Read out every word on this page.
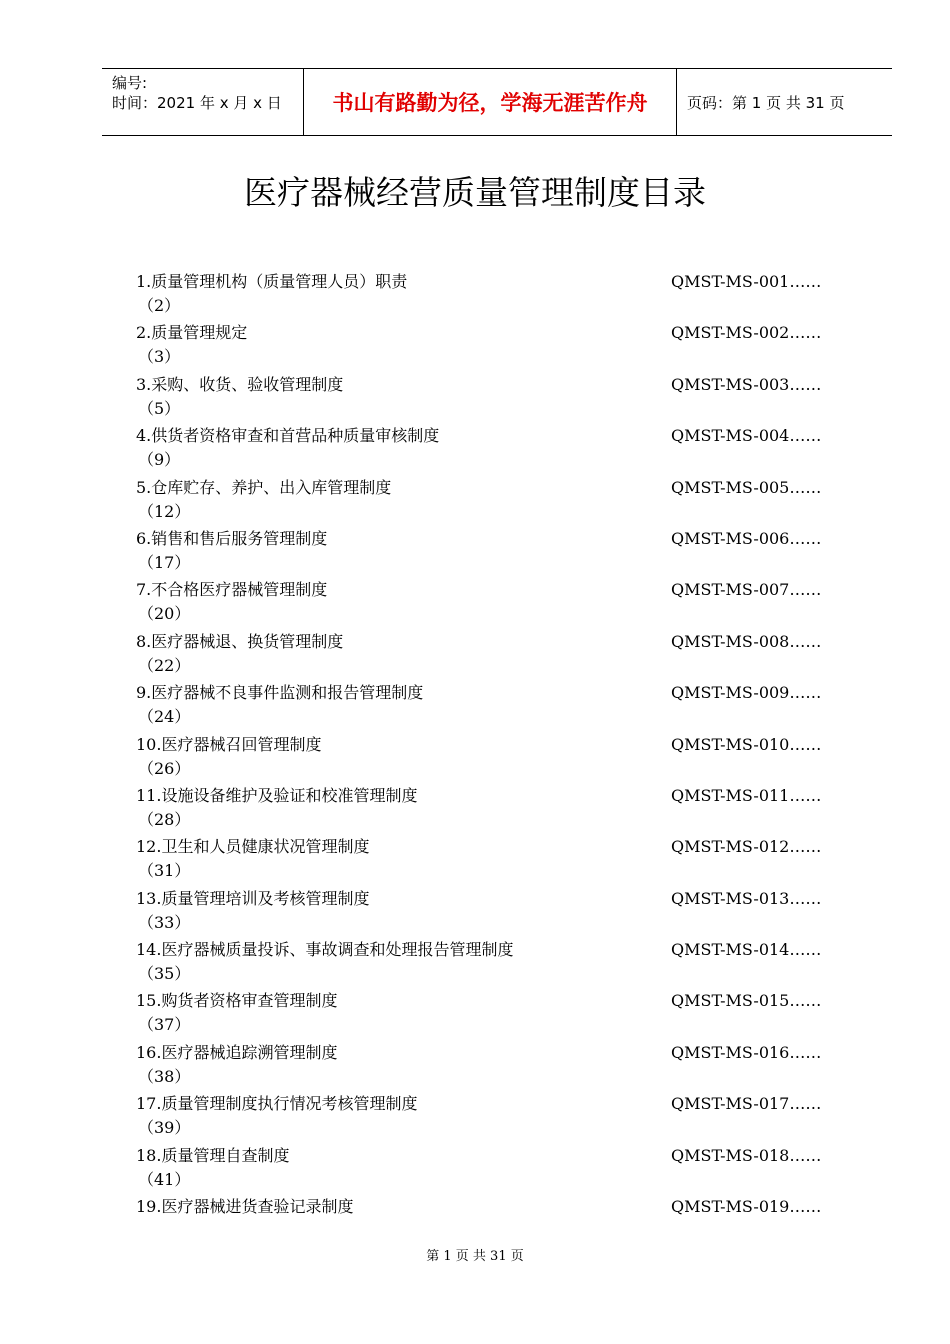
编号:
时间：2021 年 x 月 x 日	书山有路勤为径，学海无涯苦作舟	页码：第 1 页 共 31 页
医疗器械经营质量管理制度目录
1.质量管理机构（质量管理人员）职责	QMST-MS-001……
（2）
2.质量管理规定	QMST-MS-002……
（3）
3.采购、收货、验收管理制度	QMST-MS-003……
（5）
4.供货者资格审查和首营品种质量审核制度	QMST-MS-004……
（9）
5.仓库贮存、养护、出入库管理制度	QMST-MS-005……
（12）
6.销售和售后服务管理制度	QMST-MS-006……
（17）
7.不合格医疗器械管理制度	QMST-MS-007……
（20）
8.医疗器械退、换货管理制度	QMST-MS-008……
（22）
9.医疗器械不良事件监测和报告管理制度	QMST-MS-009……
（24）
10.医疗器械召回管理制度	QMST-MS-010……
（26）
11.设施设备维护及验证和校准管理制度	QMST-MS-011……
（28）
12.卫生和人员健康状况管理制度	QMST-MS-012……
（31）
13.质量管理培训及考核管理制度	QMST-MS-013……
（33）
14.医疗器械质量投诉、事故调查和处理报告管理制度	QMST-MS-014……
（35）
15.购货者资格审查管理制度	QMST-MS-015……
（37）
16.医疗器械追踪溯管理制度	QMST-MS-016……
（38）
17.质量管理制度执行情况考核管理制度	QMST-MS-017……
（39）
18.质量管理自查制度	QMST-MS-018……
（41）
19.医疗器械进货查验记录制度	QMST-MS-019……
第 1 页 共 31 页
